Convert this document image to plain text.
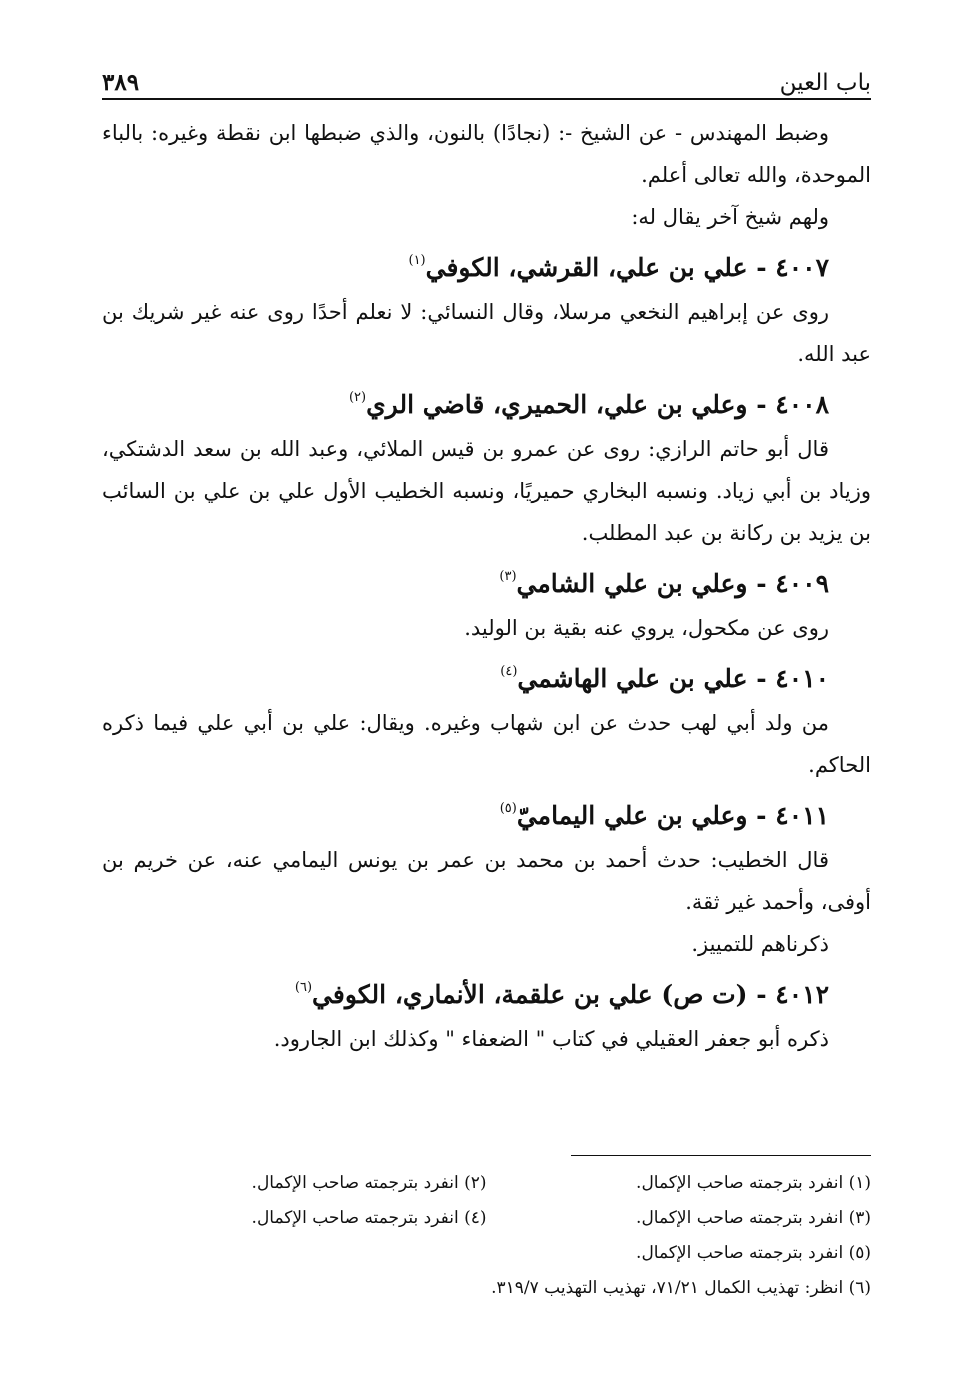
باب العين
٣٨٩

وضبط المهندس - عن الشيخ -: (نجادًا) بالنون، والذي ضبطها ابن نقطة وغيره: بالباء الموحدة، والله تعالى أعلم.

ولهم شيخ آخر يقال له:

٤٠٠٧ - علي بن علي، القرشي، الكوفي$^{(١)}$

روى عن إبراهيم النخعي مرسلا، وقال النسائي: لا نعلم أحدًا روى عنه غير شريك بن عبد الله.

٤٠٠٨ - وعلي بن علي، الحميري، قاضي الري$^{(٢)}$

قال أبو حاتم الرازي: روى عن عمرو بن قيس الملائي، وعبد الله بن سعد الدشتكي، وزياد بن أبي زياد. ونسبه البخاري حميريًا، ونسبه الخطيب الأول علي بن علي بن السائب بن يزيد بن ركانة بن عبد المطلب.

٤٠٠٩ - وعلي بن علي الشامي$^{(٣)}$

روى عن مكحول، يروي عنه بقية بن الوليد.

٤٠١٠ - علي بن علي الهاشمي$^{(٤)}$

من ولد أبي لهب حدث عن ابن شهاب وغيره. ويقال: علي بن أبي علي فيما ذكره الحاكم.

٤٠١١ - وعلي بن علي اليماميّ$^{(٥)}$

قال الخطيب: حدث أحمد بن محمد بن عمر بن يونس اليمامي عنه، عن خريم بن أوفى، وأحمد غير ثقة.

ذكرناهم للتمييز.

٤٠١٢ - (ت ص) علي بن علقمة، الأنماري، الكوفي$^{(٦)}$

ذكره أبو جعفر العقيلي في كتاب " الضعفاء " وكذلك ابن الجارود.

(١) انفرد بترجمته صاحب الإكمال.
(٢) انفرد بترجمته صاحب الإكمال.
(٣) انفرد بترجمته صاحب الإكمال.
(٤) انفرد بترجمته صاحب الإكمال.
(٥) انفرد بترجمته صاحب الإكمال.
(٦) انظر: تهذيب الكمال ٧١/٢١، تهذيب التهذيب ٣١٩/٧.
